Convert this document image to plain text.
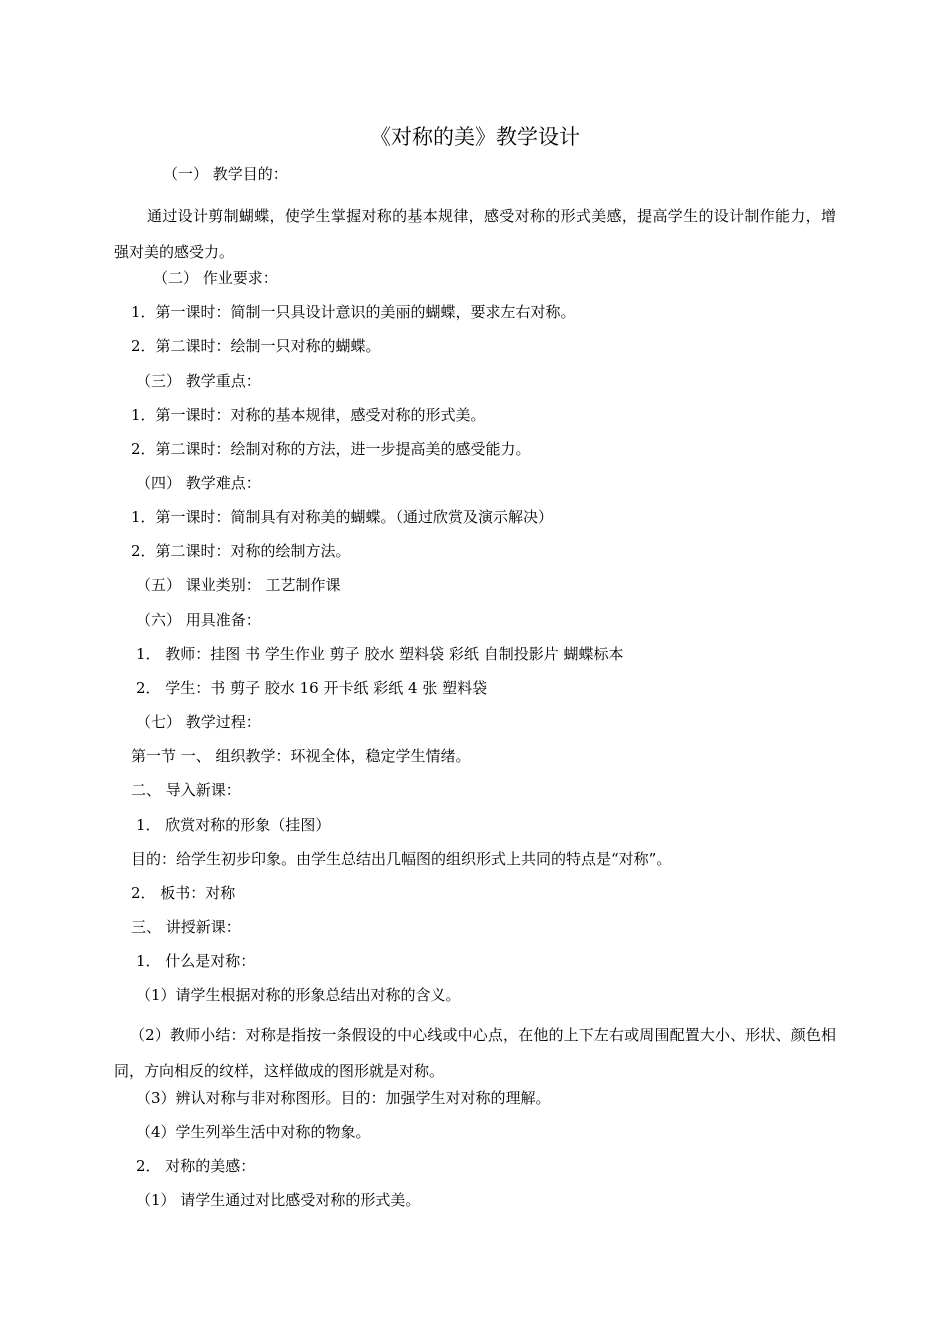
《对称的美》教学设计
（一） 教学目的：
通过设计剪制蝴蝶，使学生掌握对称的基本规律，感受对称的形式美感，提高学生的设计制作能力，增强对美的感受力。
（二） 作业要求：
1．第一课时：简制一只具设计意识的美丽的蝴蝶，要求左右对称。
2．第二课时：绘制一只对称的蝴蝶。
（三） 教学重点：
1．第一课时：对称的基本规律，感受对称的形式美。
2．第二课时：绘制对称的方法，进一步提高美的感受能力。
（四） 教学难点：
1．第一课时：简制具有对称美的蝴蝶。（通过欣赏及演示解决）
2．第二课时：对称的绘制方法。
（五） 课业类别： 工艺制作课
（六） 用具准备：
1． 教师：挂图 书 学生作业 剪子 胶水 塑料袋 彩纸 自制投影片 蝴蝶标本
2． 学生：书 剪子 胶水 16 开卡纸 彩纸 4 张 塑料袋
（七） 教学过程：
第一节 一、 组织教学：环视全体，稳定学生情绪。
二、 导入新课：
1． 欣赏对称的形象（挂图）
目的：给学生初步印象。由学生总结出几幅图的组织形式上共同的特点是“对称”。
2． 板书：对称
三、 讲授新课：
1． 什么是对称：
（1）请学生根据对称的形象总结出对称的含义。
（2）教师小结：对称是指按一条假设的中心线或中心点，在他的上下左右或周围配置大小、形状、颜色相同，方向相反的纹样，这样做成的图形就是对称。
（3）辨认对称与非对称图形。目的：加强学生对对称的理解。
（4）学生列举生活中对称的物象。
2． 对称的美感：
（1） 请学生通过对比感受对称的形式美。
